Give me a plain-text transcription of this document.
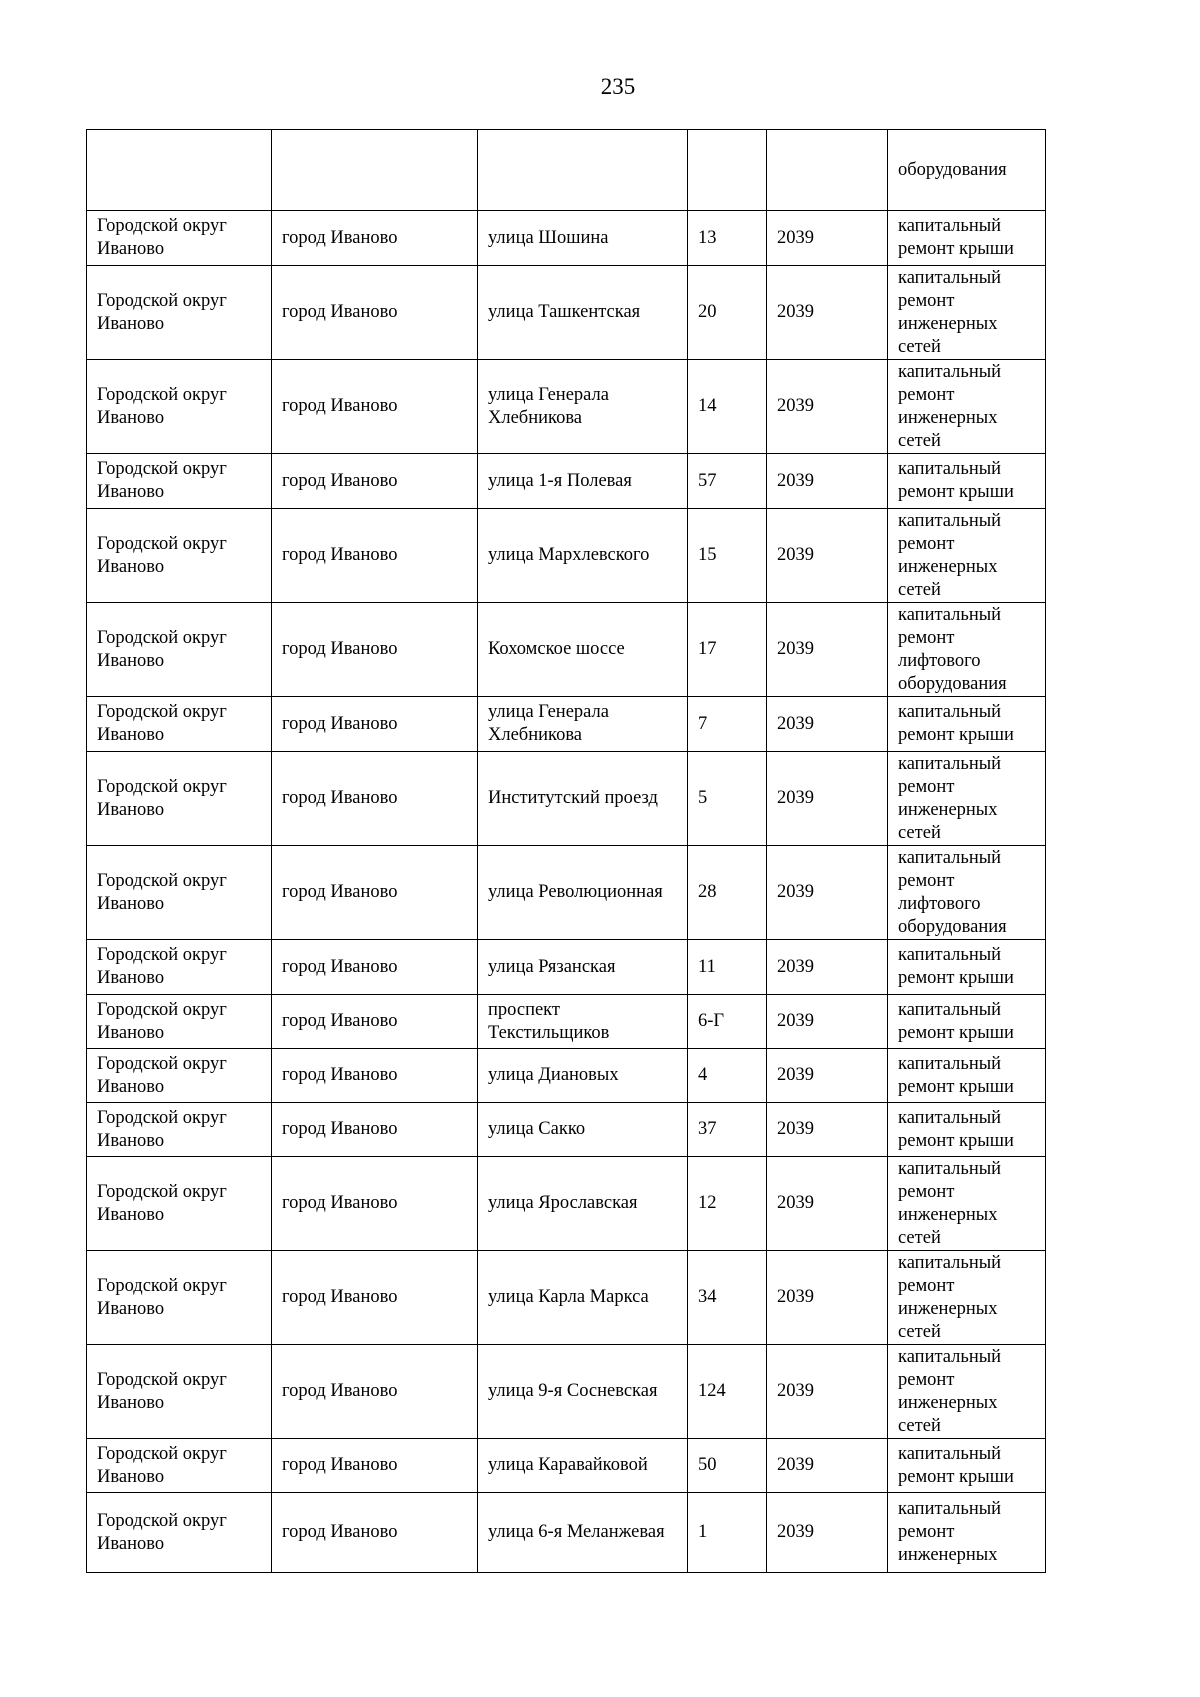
235
					оборудования
Городской округ Иваново	город Иваново	улица Шошина	13	2039	капитальный ремонт крыши
Городской округ Иваново	город Иваново	улица Ташкентская	20	2039	капитальный ремонт инженерных сетей
Городской округ Иваново	город Иваново	улица Генерала Хлебникова	14	2039	капитальный ремонт инженерных сетей
Городской округ Иваново	город Иваново	улица 1-я Полевая	57	2039	капитальный ремонт крыши
Городской округ Иваново	город Иваново	улица Мархлевского	15	2039	капитальный ремонт инженерных сетей
Городской округ Иваново	город Иваново	Кохомское шоссе	17	2039	капитальный ремонт лифтового оборудования
Городской округ Иваново	город Иваново	улица Генерала Хлебникова	7	2039	капитальный ремонт крыши
Городской округ Иваново	город Иваново	Институтский проезд	5	2039	капитальный ремонт инженерных сетей
Городской округ Иваново	город Иваново	улица Революционная	28	2039	капитальный ремонт лифтового оборудования
Городской округ Иваново	город Иваново	улица Рязанская	11	2039	капитальный ремонт крыши
Городской округ Иваново	город Иваново	проспект Текстильщиков	6-Г	2039	капитальный ремонт крыши
Городской округ Иваново	город Иваново	улица Диановых	4	2039	капитальный ремонт крыши
Городской округ Иваново	город Иваново	улица Сакко	37	2039	капитальный ремонт крыши
Городской округ Иваново	город Иваново	улица Ярославская	12	2039	капитальный ремонт инженерных сетей
Городской округ Иваново	город Иваново	улица Карла Маркса	34	2039	капитальный ремонт инженерных сетей
Городской округ Иваново	город Иваново	улица 9-я Сосневская	124	2039	капитальный ремонт инженерных сетей
Городской округ Иваново	город Иваново	улица Каравайковой	50	2039	капитальный ремонт крыши
Городской округ Иваново	город Иваново	улица 6-я Меланжевая	1	2039	капитальный ремонт инженерных
